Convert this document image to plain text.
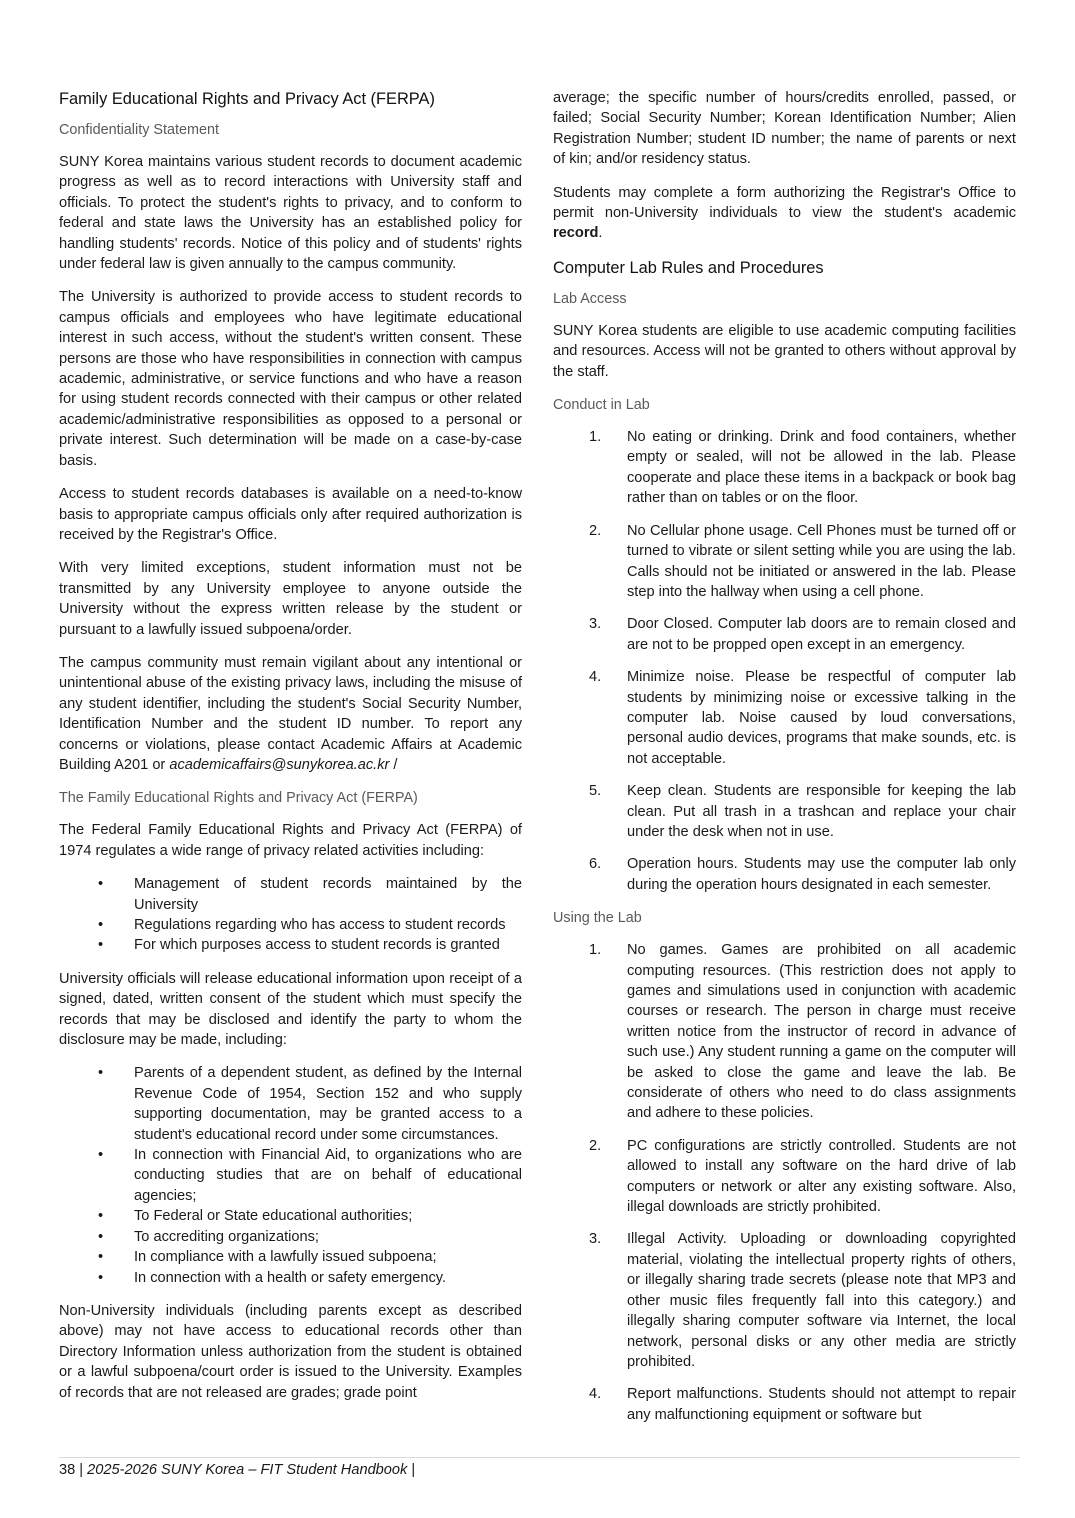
Family Educational Rights and Privacy Act (FERPA)
Confidentiality Statement

SUNY Korea maintains various student records to document academic progress as well as to record interactions with University staff and officials. To protect the student's rights to privacy, and to conform to federal and state laws the University has an established policy for handling students' records. Notice of this policy and of students' rights under federal law is given annually to the campus community.

The University is authorized to provide access to student records to campus officials and employees who have legitimate educational interest in such access, without the student's written consent. These persons are those who have responsibilities in connection with campus academic, administrative, or service functions and who have a reason for using student records connected with their campus or other related academic/administrative responsibilities as opposed to a personal or private interest. Such determination will be made on a case-by-case basis.

Access to student records databases is available on a need-to-know basis to appropriate campus officials only after required authorization is received by the Registrar's Office.

With very limited exceptions, student information must not be transmitted by any University employee to anyone outside the University without the express written release by the student or pursuant to a lawfully issued subpoena/order.

The campus community must remain vigilant about any intentional or unintentional abuse of the existing privacy laws, including the misuse of any student identifier, including the student's Social Security Number, Identification Number and the student ID number. To report any concerns or violations, please contact Academic Affairs at Academic Building A201 or academicaffairs@sunykorea.ac.kr /

The Family Educational Rights and Privacy Act (FERPA)

The Federal Family Educational Rights and Privacy Act (FERPA) of 1974 regulates a wide range of privacy related activities including:

• Management of student records maintained by the University
• Regulations regarding who has access to student records
• For which purposes access to student records is granted

University officials will release educational information upon receipt of a signed, dated, written consent of the student which must specify the records that may be disclosed and identify the party to whom the disclosure may be made, including:

• Parents of a dependent student, as defined by the Internal Revenue Code of 1954, Section 152 and who supply supporting documentation, may be granted access to a student's educational record under some circumstances.
• In connection with Financial Aid, to organizations who are conducting studies that are on behalf of educational agencies;
• To Federal or State educational authorities;
• To accrediting organizations;
• In compliance with a lawfully issued subpoena;
• In connection with a health or safety emergency.

Non-University individuals (including parents except as described above) may not have access to educational records other than Directory Information unless authorization from the student is obtained or a lawful subpoena/court order is issued to the University. Examples of records that are not released are grades; grade point

average; the specific number of hours/credits enrolled, passed, or failed; Social Security Number; Korean Identification Number; Alien Registration Number; student ID number; the name of parents or next of kin; and/or residency status.

Students may complete a form authorizing the Registrar's Office to permit non-University individuals to view the student's academic record.

Computer Lab Rules and Procedures
Lab Access

SUNY Korea students are eligible to use academic computing facilities and resources. Access will not be granted to others without approval by the staff.

Conduct in Lab
1. No eating or drinking. Drink and food containers, whether empty or sealed, will not be allowed in the lab. Please cooperate and place these items in a backpack or book bag rather than on tables or on the floor.
2. No Cellular phone usage. Cell Phones must be turned off or turned to vibrate or silent setting while you are using the lab. Calls should not be initiated or answered in the lab. Please step into the hallway when using a cell phone.
3. Door Closed. Computer lab doors are to remain closed and are not to be propped open except in an emergency.
4. Minimize noise. Please be respectful of computer lab students by minimizing noise or excessive talking in the computer lab. Noise caused by loud conversations, personal audio devices, programs that make sounds, etc. is not acceptable.
5. Keep clean. Students are responsible for keeping the lab clean. Put all trash in a trashcan and replace your chair under the desk when not in use.
6. Operation hours. Students may use the computer lab only during the operation hours designated in each semester.
Using the Lab
1. No games. Games are prohibited on all academic computing resources. (This restriction does not apply to games and simulations used in conjunction with academic courses or research. The person in charge must receive written notice from the instructor of record in advance of such use.) Any student running a game on the computer will be asked to close the game and leave the lab. Be considerate of others who need to do class assignments and adhere to these policies.
2. PC configurations are strictly controlled. Students are not allowed to install any software on the hard drive of lab computers or network or alter any existing software. Also, illegal downloads are strictly prohibited.
3. Illegal Activity. Uploading or downloading copyrighted material, violating the intellectual property rights of others, or illegally sharing trade secrets (please note that MP3 and other music files frequently fall into this category.) and illegally sharing computer software via Internet, the local network, personal disks or any other media are strictly prohibited.
4. Report malfunctions. Students should not attempt to repair any malfunctioning equipment or software but
38 | 2025-2026 SUNY Korea – FIT Student Handbook |
